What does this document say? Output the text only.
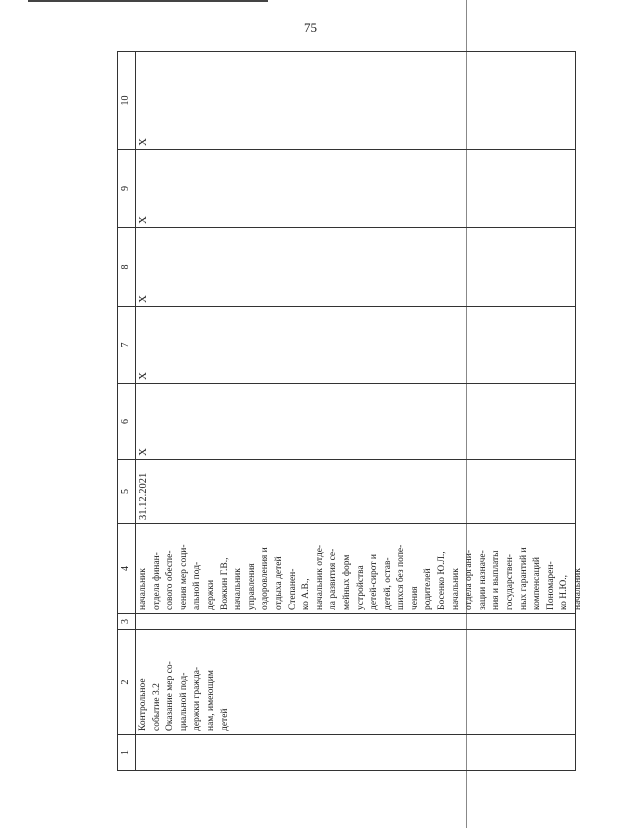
75
1
2
3
4
5
6
7
8
9
10
Контрольное событие 3.2 Оказание мер со- циальной под- держки гражда- нам, имеющим детей
начальник отдела финан- сового обеспе- чения мер соци- альной под- держки Вожкин Г.В., начальник управления оздоровления и отдыха детей Степанен- ко А.В., начальник отде- ла развития се- мейных форм устройства детей-сирот и детей, остав- шихся без попе- чения родителей Босенко Ю.Л., начальник отдела органи- зации назначе- ния и выплаты государствен- ных гарантий и компенсаций Пономарен- ко Н.Ю., начальник
31.12.2021
X
X
X
X
X
